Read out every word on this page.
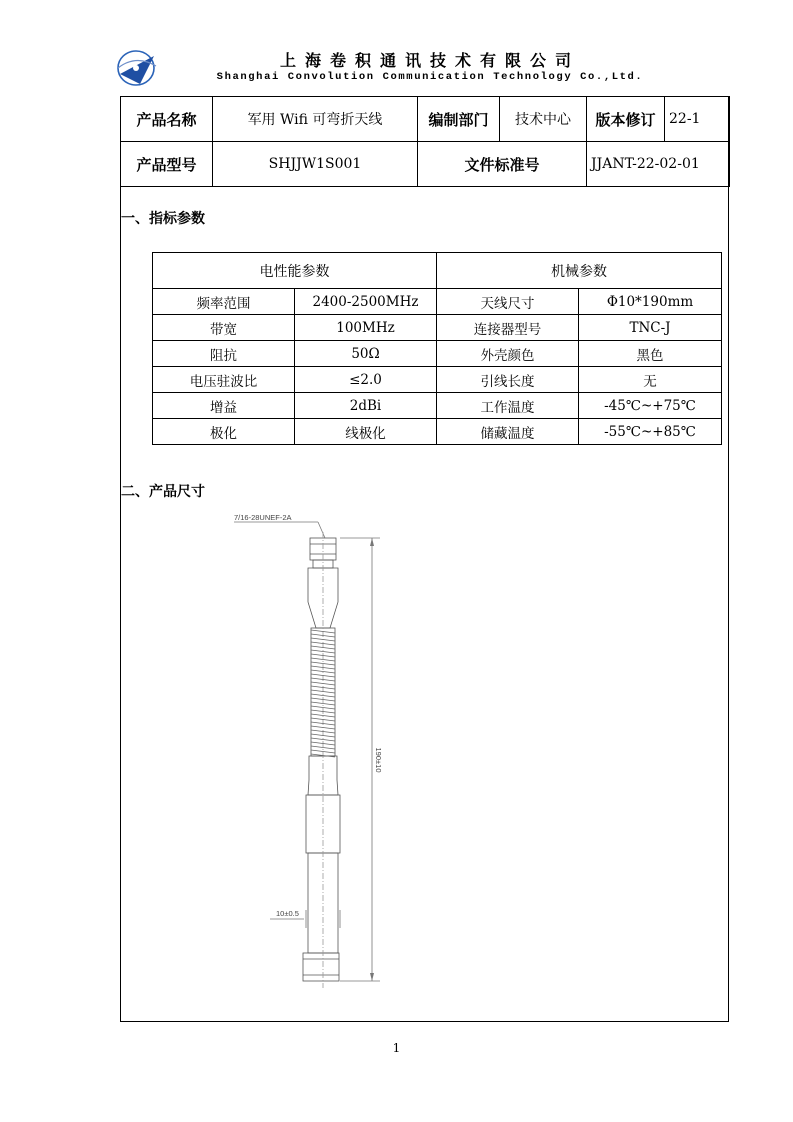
上海卷积通讯技术有限公司
Shanghai Convolution Communication Technology Co.,Ltd.
产品名称	军用 Wifi 可弯折天线	编制部门	技术中心	版本修订	22-1
产品型号	SHJJW1S001	文件标准号		JJANT-22-02-01	
一、指标参数
电性能参数		机械参数	
频率范围	2400-2500MHz	天线尺寸	Φ10*190mm
带宽	100MHz	连接器型号	TNC-J
阻抗	50Ω	外壳颜色	黑色
电压驻波比	≤2.0	引线长度	无
增益	2dBi	工作温度	-45℃~+75℃
极化	线极化	储藏温度	-55℃~+85℃
二、产品尺寸
7/16-28UNEF-2A
190±10
10±0.5
1
